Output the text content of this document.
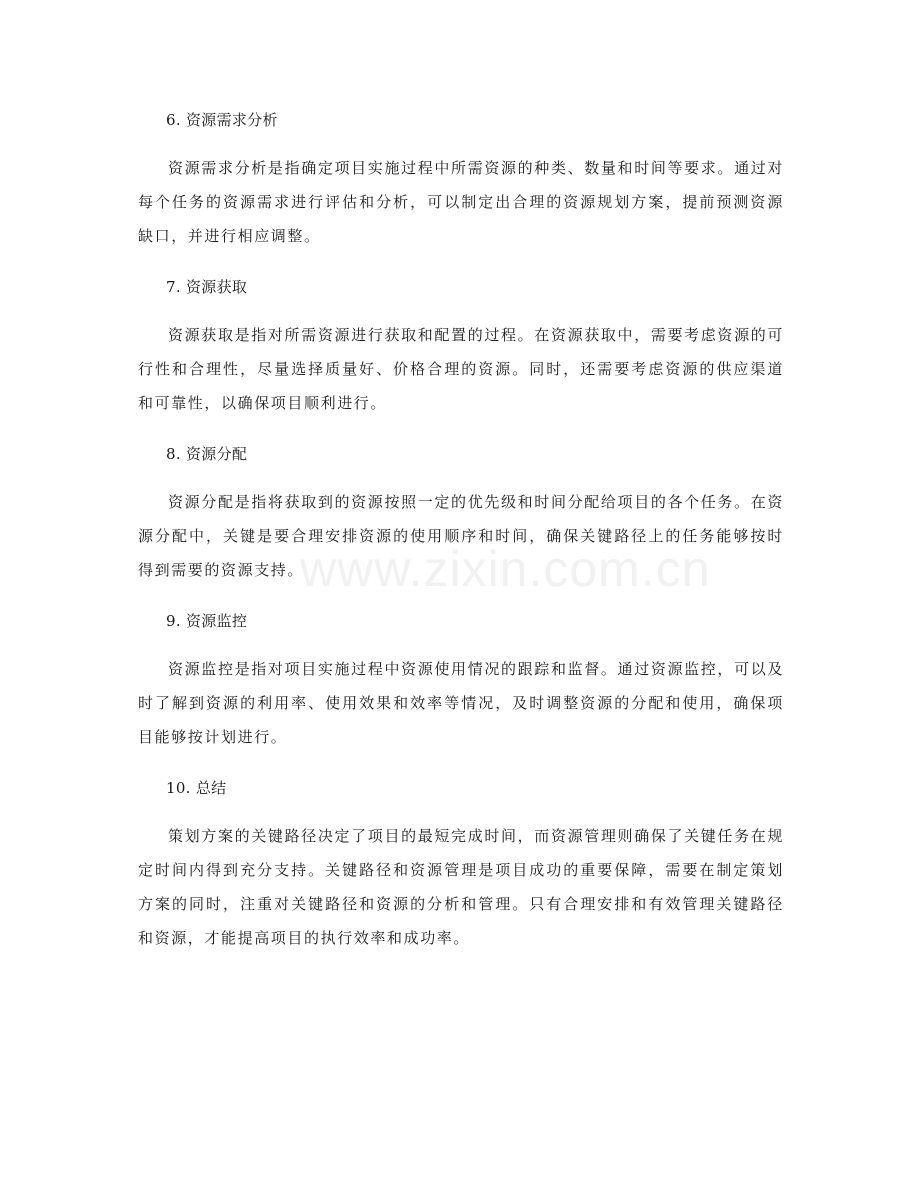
6. 资源需求分析

资源需求分析是指确定项目实施过程中所需资源的种类、数量和时间等要求。通过对每个任务的资源需求进行评估和分析，可以制定出合理的资源规划方案，提前预测资源缺口，并进行相应调整。

7. 资源获取

资源获取是指对所需资源进行获取和配置的过程。在资源获取中，需要考虑资源的可行性和合理性，尽量选择质量好、价格合理的资源。同时，还需要考虑资源的供应渠道和可靠性，以确保项目顺利进行。

8. 资源分配

资源分配是指将获取到的资源按照一定的优先级和时间分配给项目的各个任务。在资源分配中，关键是要合理安排资源的使用顺序和时间，确保关键路径上的任务能够按时得到需要的资源支持。

9. 资源监控

资源监控是指对项目实施过程中资源使用情况的跟踪和监督。通过资源监控，可以及时了解到资源的利用率、使用效果和效率等情况，及时调整资源的分配和使用，确保项目能够按计划进行。

10. 总结

策划方案的关键路径决定了项目的最短完成时间，而资源管理则确保了关键任务在规定时间内得到充分支持。关键路径和资源管理是项目成功的重要保障，需要在制定策划方案的同时，注重对关键路径和资源的分析和管理。只有合理安排和有效管理关键路径和资源，才能提高项目的执行效率和成功率。

www.zixin.com.cn
